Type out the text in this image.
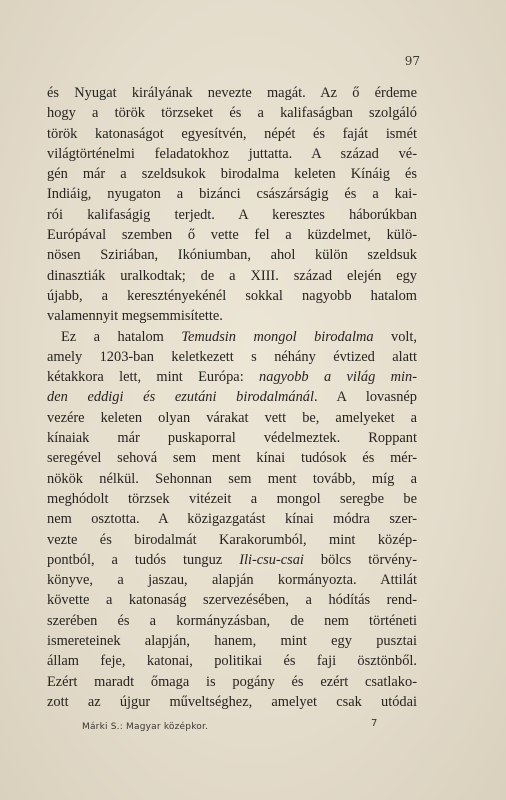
97
és Nyugat királyának nevezte magát. Az ő érdeme
hogy a török törzseket és a kalifaságban szolgáló
török katonaságot egyesítvén, népét és faját ismét
világtörténelmi feladatokhoz juttatta. A század vé-
gén már a szeldsukok birodalma keleten Kínáig és
Indiáig, nyugaton a bizánci császárságig és a kai-
rói kalifaságig terjedt. A keresztes háborúkban
Európával szemben ő vette fel a küzdelmet, külö-
nösen Sziriában, Ikóniumban, ahol külön szeldsuk
dinasztiák uralkodtak; de a XIII. század elején egy
újabb, a keresztényekénél sokkal nagyobb hatalom
valamennyit megsemmisítette.
Ez a hatalom Temudsin mongol birodalma volt,
amely 1203-ban keletkezett s néhány évtized alatt
kétakkora lett, mint Európa: nagyobb a világ min-
den eddigi és ezutáni birodalmánál. A lovasnép
vezére keleten olyan várakat vett be, amelyeket a
kínaiak már puskaporral védelmeztek. Roppant
seregével sehová sem ment kínai tudósok és mér-
nökök nélkül. Sehonnan sem ment tovább, míg a
meghódolt törzsek vitézeit a mongol seregbe be
nem osztotta. A közigazgatást kínai módra szer-
vezte és birodalmát Karakorumból, mint közép-
pontból, a tudós tunguz Ili-csu-csai bölcs törvény-
könyve, a jaszau, alapján kormányozta. Attilát
követte a katonaság szervezésében, a hódítás rend-
szerében és a kormányzásban, de nem történeti
ismereteinek alapján, hanem, mint egy pusztai
állam feje, katonai, politikai és faji ösztönből.
Ezért maradt őmaga is pogány és ezért csatlako-
zott az újgur műveltséghez, amelyet csak utódai
Márki S.: Magyar középkor.	7
